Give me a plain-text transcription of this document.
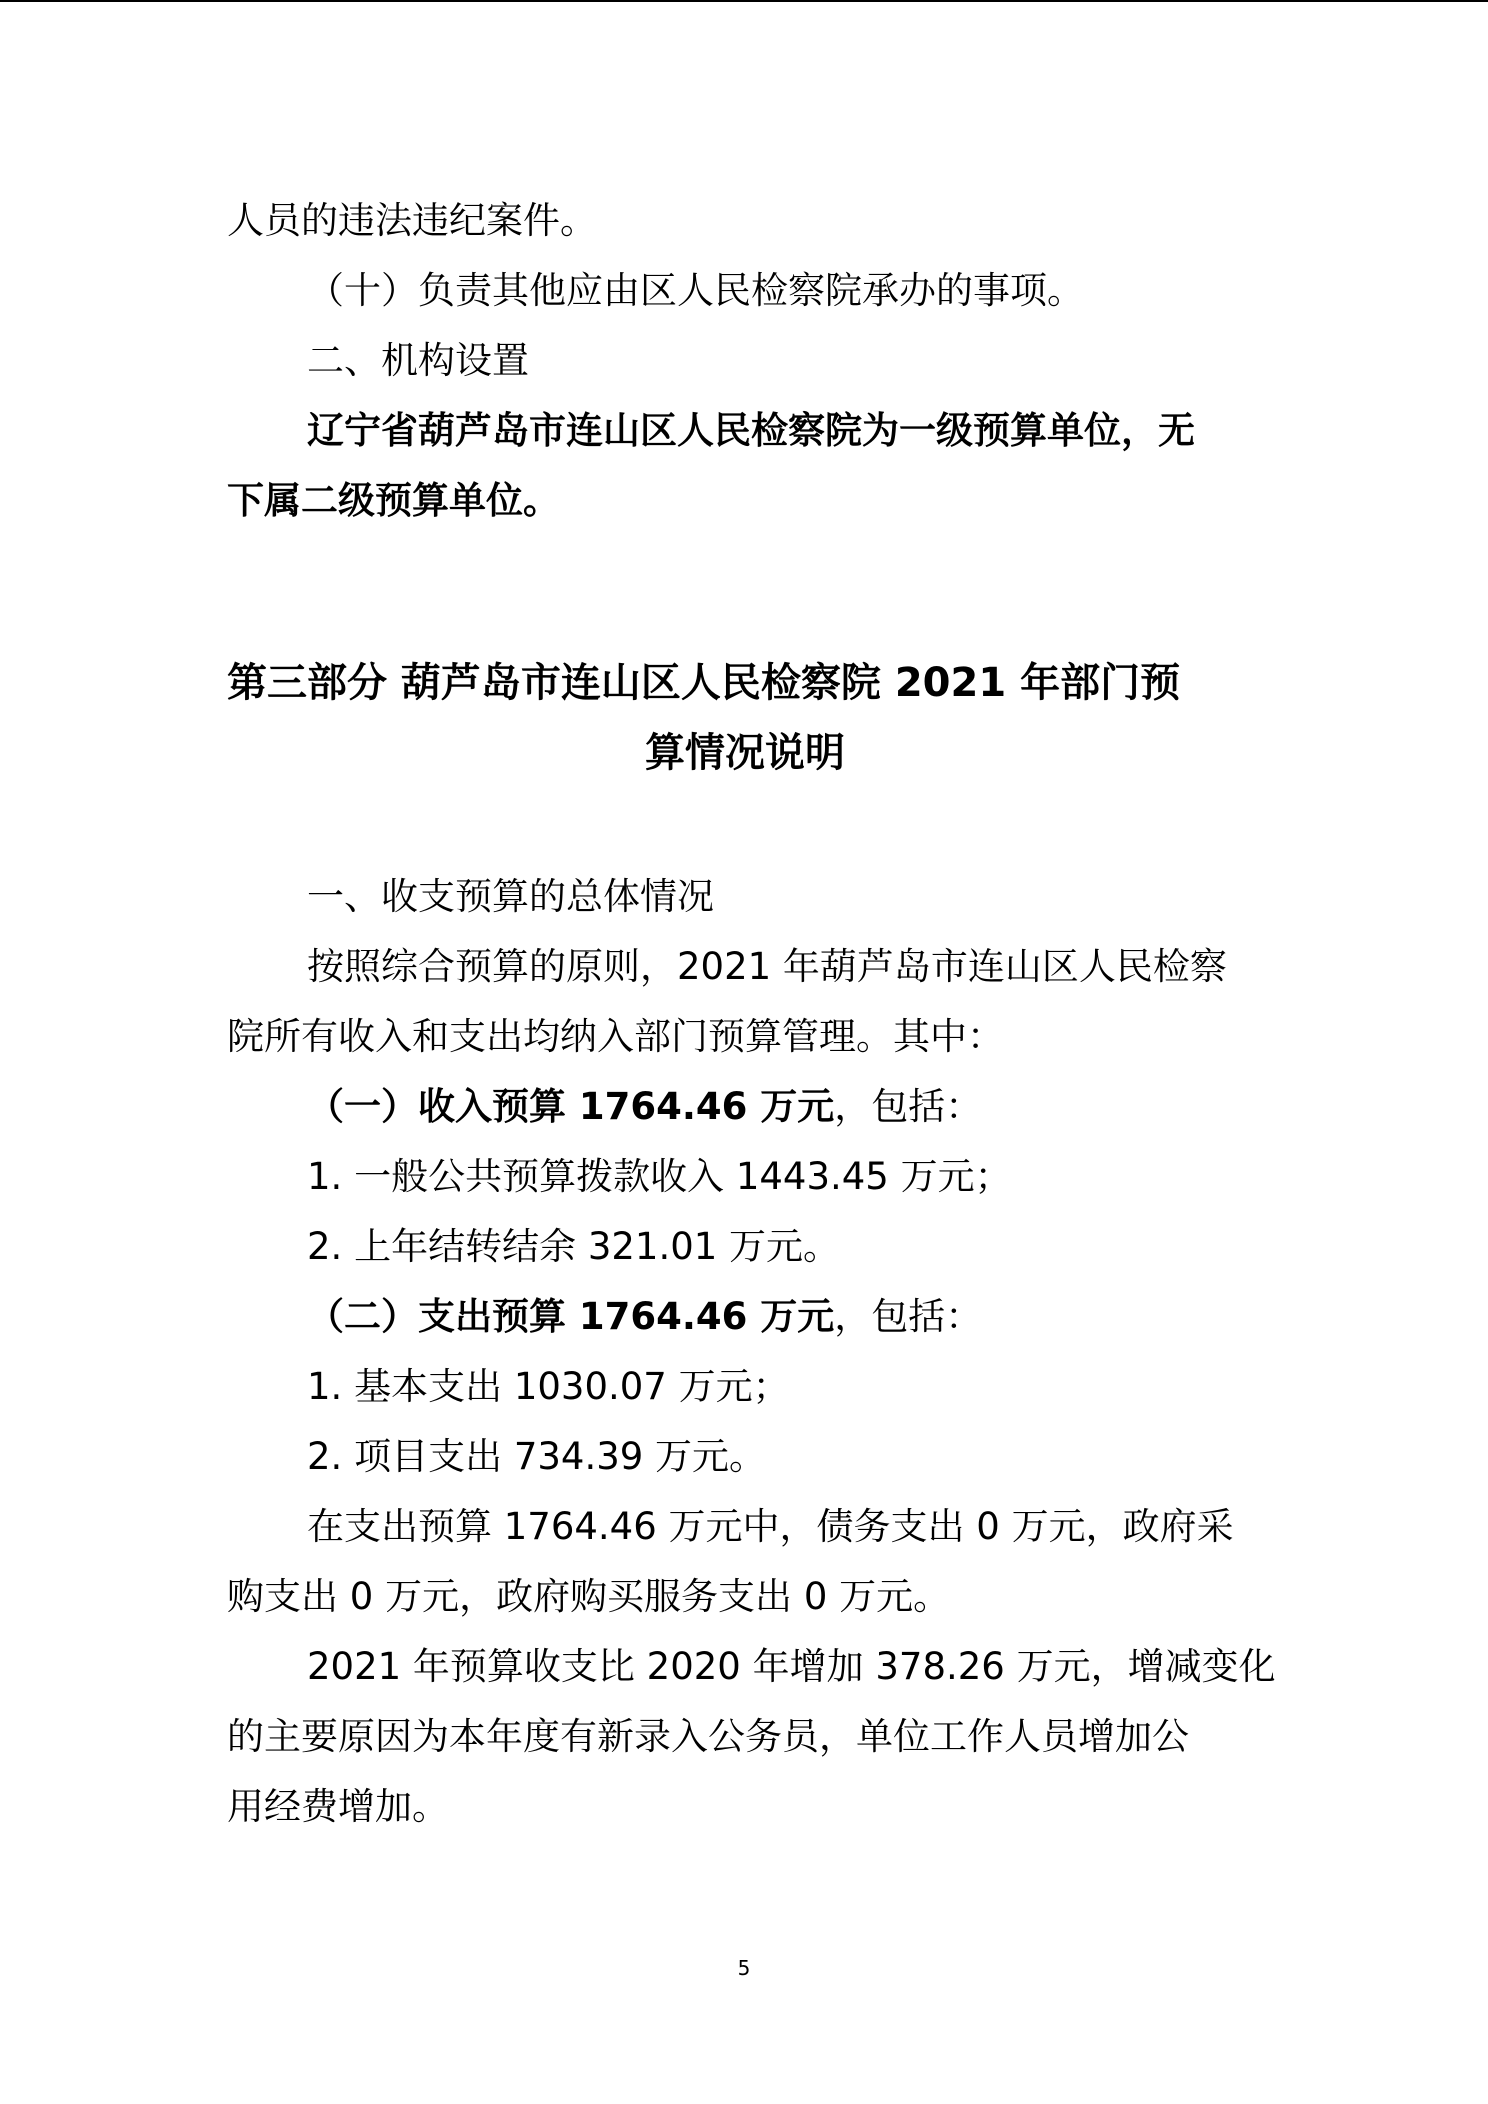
人员的违法违纪案件。
（十）负责其他应由区人民检察院承办的事项。
二、机构设置
辽宁省葫芦岛市连山区人民检察院为一级预算单位，无
下属二级预算单位。
第三部分 葫芦岛市连山区人民检察院 2021 年部门预
算情况说明
一、收支预算的总体情况
按照综合预算的原则，2021 年葫芦岛市连山区人民检察
院所有收入和支出均纳入部门预算管理。其中：
（一）收入预算 1764.46 万元，包括：
1. 一般公共预算拨款收入 1443.45 万元；
2. 上年结转结余 321.01 万元。
（二）支出预算 1764.46 万元，包括：
1. 基本支出 1030.07 万元；
2. 项目支出 734.39 万元。
在支出预算 1764.46 万元中，债务支出 0 万元，政府采
购支出 0 万元，政府购买服务支出 0 万元。
2021 年预算收支比 2020 年增加 378.26 万元，增减变化
的主要原因为本年度有新录入公务员，单位工作人员增加公
用经费增加。
5
